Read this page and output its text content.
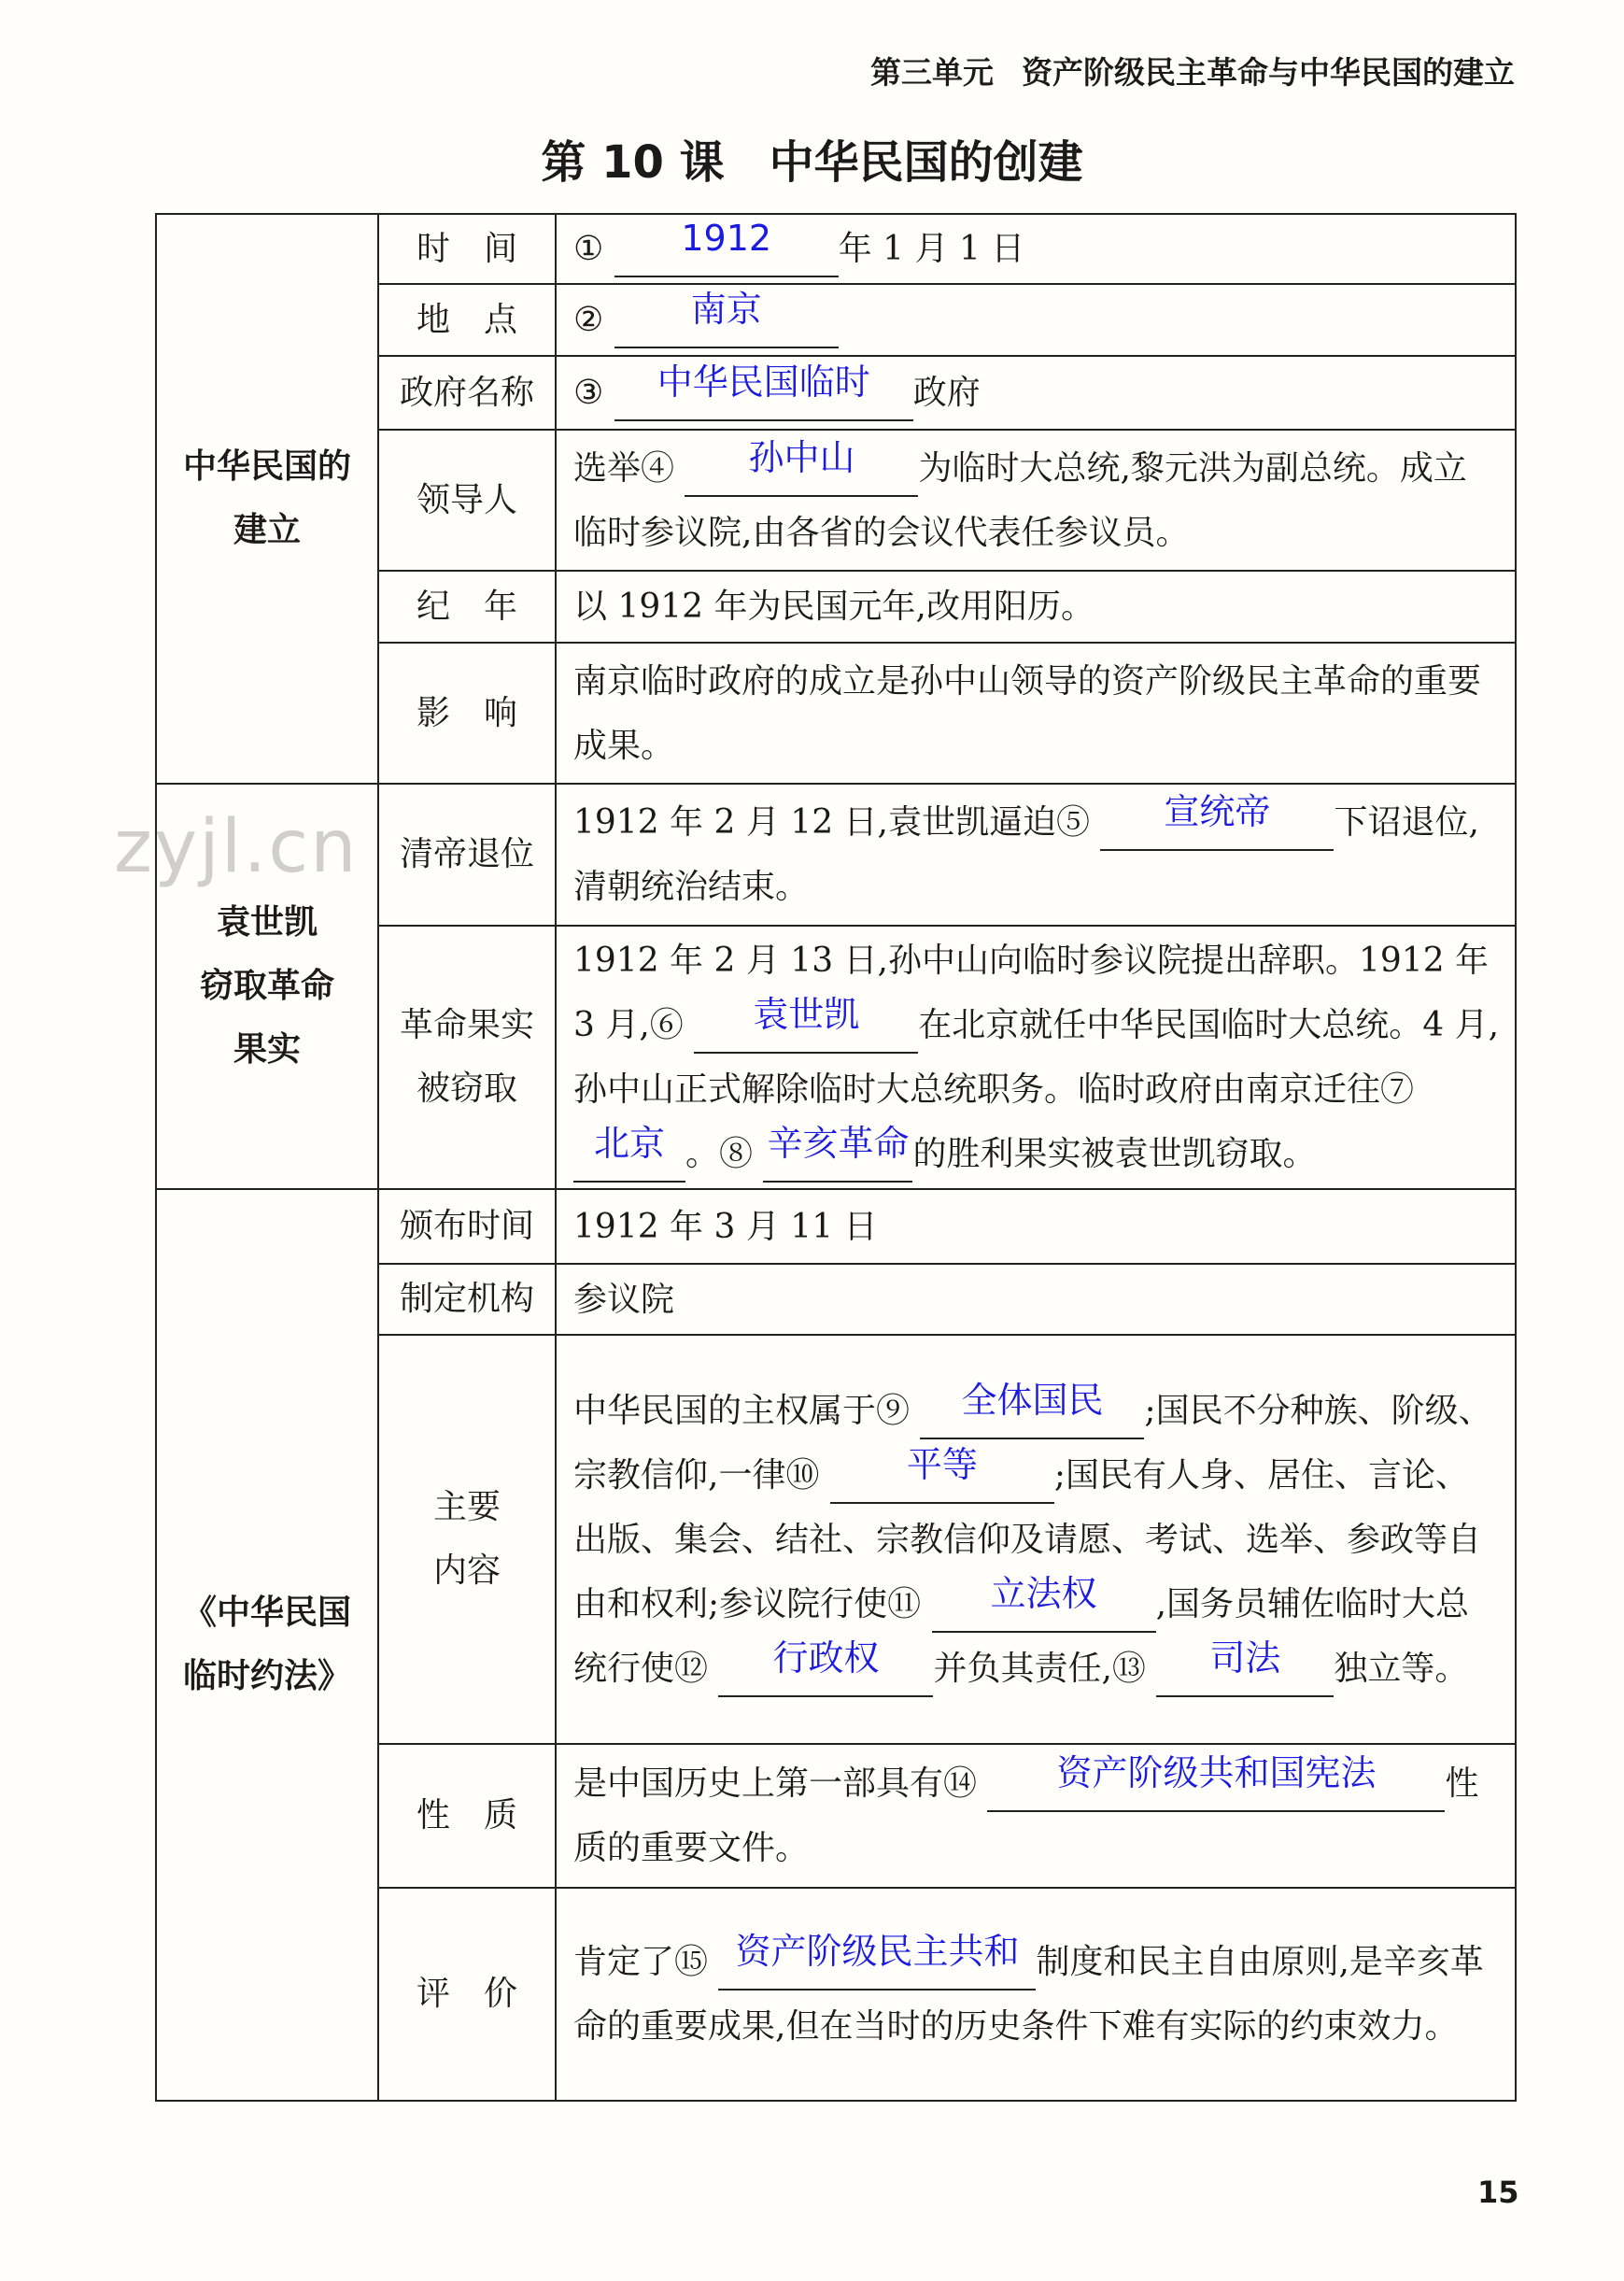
第三单元 资产阶级民主革命与中华民国的建立
第 10 课 中华民国的创建
中华民国的
建立	时　间	① 1912 年 1 月 1 日
	地　点	② 南京
	政府名称	③ 中华民国临时 政府
	领导人	选举④ 孙中山 为临时大总统,黎元洪为副总统。成立临时参议院,由各省的会议代表任参议员。
	纪　年	以 1912 年为民国元年,改用阳历。
	影　响	南京临时政府的成立是孙中山领导的资产阶级民主革命的重要成果。
袁世凯
窃取革命
果实	清帝退位	1912 年 2 月 12 日,袁世凯逼迫⑤ 宣统帝 下诏退位,清朝统治结束。
	革命果实
被窃取	1912 年 2 月 13 日,孙中山向临时参议院提出辞职。1912 年 3 月,⑥ 袁世凯 在北京就任中华民国临时大总统。4 月,孙中山正式解除临时大总统职务。临时政府由南京迁往⑦ 北京 。⑧ 辛亥革命 的胜利果实被袁世凯窃取。
《中华民国
临时约法》	颁布时间	1912 年 3 月 11 日
	制定机构	参议院
	主要
内容	中华民国的主权属于⑨ 全体国民 ;国民不分种族、阶级、宗教信仰,一律⑩ 平等 ;国民有人身、居住、言论、出版、集会、结社、宗教信仰及请愿、考试、选举、参政等自由和权利;参议院行使⑪ 立法权 ,国务员辅佐临时大总统行使⑫ 行政权 并负其责任,⑬ 司法 独立等。
	性　质	是中国历史上第一部具有⑭ 资产阶级共和国宪法 性质的重要文件。
	评　价	肯定了⑮ 资产阶级民主共和 制度和民主自由原则,是辛亥革命的重要成果,但在当时的历史条件下难有实际的约束效力。
zyjl.cn
15
